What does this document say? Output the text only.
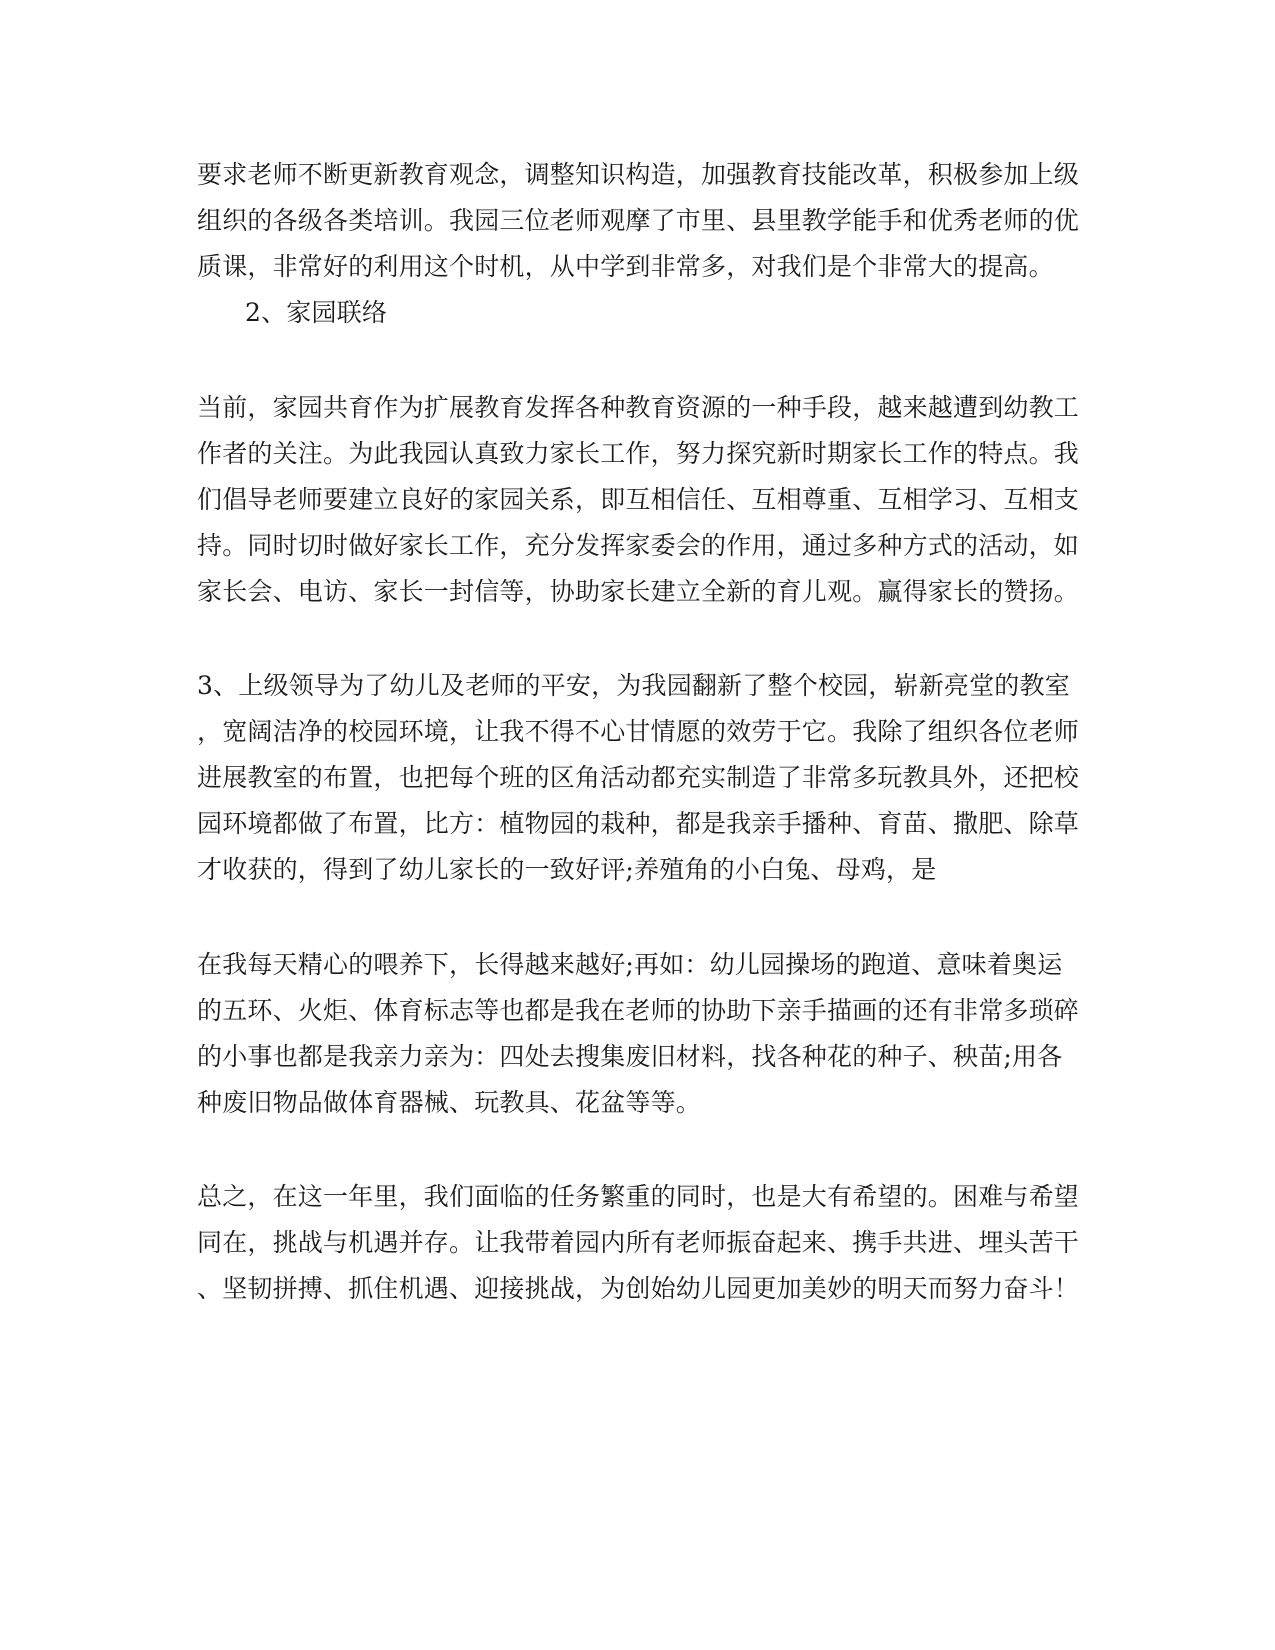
要求老师不断更新教育观念，调整知识构造，加强教育技能改革，积极参加上级
组织的各级各类培训。我园三位老师观摩了市里、县里教学能手和优秀老师的优
质课，非常好的利用这个时机，从中学到非常多，对我们是个非常大的提高。
2、家园联络
当前，家园共育作为扩展教育发挥各种教育资源的一种手段，越来越遭到幼教工
作者的关注。为此我园认真致力家长工作，努力探究新时期家长工作的特点。我
们倡导老师要建立良好的家园关系，即互相信任、互相尊重、互相学习、互相支
持。同时切时做好家长工作，充分发挥家委会的作用，通过多种方式的活动，如
家长会、电访、家长一封信等，协助家长建立全新的育儿观。赢得家长的赞扬。
3、上级领导为了幼儿及老师的平安，为我园翻新了整个校园，崭新亮堂的教室
，宽阔洁净的校园环境，让我不得不心甘情愿的效劳于它。我除了组织各位老师
进展教室的布置，也把每个班的区角活动都充实制造了非常多玩教具外，还把校
园环境都做了布置，比方：植物园的栽种，都是我亲手播种、育苗、撒肥、除草
才收获的，得到了幼儿家长的一致好评;养殖角的小白兔、母鸡，是
在我每天精心的喂养下，长得越来越好;再如：幼儿园操场的跑道、意味着奥运
的五环、火炬、体育标志等也都是我在老师的协助下亲手描画的还有非常多琐碎
的小事也都是我亲力亲为：四处去搜集废旧材料，找各种花的种子、秧苗;用各
种废旧物品做体育器械、玩教具、花盆等等。
总之，在这一年里，我们面临的任务繁重的同时，也是大有希望的。困难与希望
同在，挑战与机遇并存。让我带着园内所有老师振奋起来、携手共进、埋头苦干
、坚韧拼搏、抓住机遇、迎接挑战，为创始幼儿园更加美妙的明天而努力奋斗！
